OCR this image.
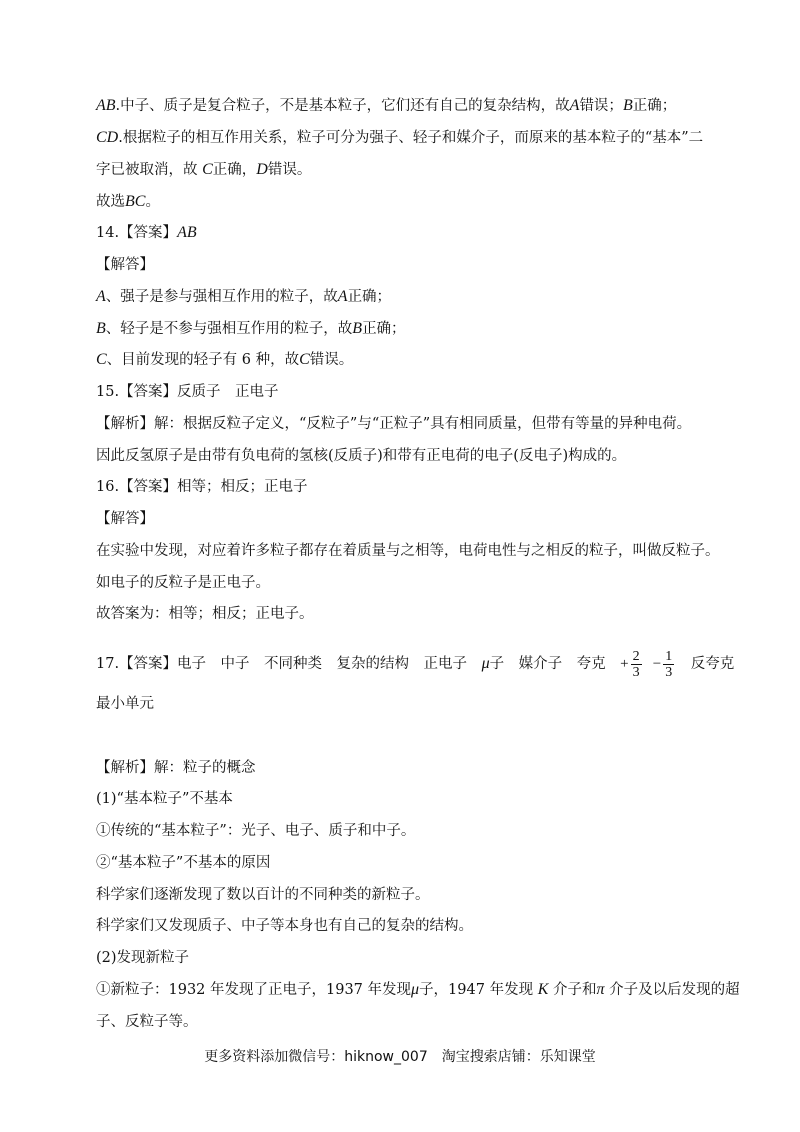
AB.中子、质子是复合粒子，不是基本粒子，它们还有自己的复杂结构，故A错误；B正确；
CD.根据粒子的相互作用关系，粒子可分为强子、轻子和媒介子，而原来的基本粒子的“基本”二
字已被取消，故 C正确，D错误。
故选BC。
14.【答案】AB
【解答】
A、强子是参与强相互作用的粒子，故A正确；
B、轻子是不参与强相互作用的粒子，故B正确；
C、目前发现的轻子有 6 种，故C错误。
15.【答案】反质子　正电子
【解析】解：根据反粒子定义，“反粒子”与“正粒子”具有相同质量，但带有等量的异种电荷。
因此反氢原子是由带有负电荷的氢核(反质子)和带有正电荷的电子(反电子)构成的。
16.【答案】相等；相反；正电子
【解答】
在实验中发现，对应着许多粒子都存在着质量与之相等，电荷电性与之相反的粒子，叫做反粒子。
如电子的反粒子是正电子。
故答案为：相等；相反；正电子。
17.【答案】电子　中子　不同种类　复杂的结构　正电子　μ子　媒介子　夸克　+ $\frac{2}{3} - \frac{1}{3}$ 　反夸克
最小单元
【解析】解：粒子的概念
(1)“基本粒子”不基本
①传统的“基本粒子”：光子、电子、质子和中子。
②“基本粒子”不基本的原因
科学家们逐渐发现了数以百计的不同种类的新粒子。
科学家们又发现质子、中子等本身也有自己的复杂的结构。
(2)发现新粒子
①新粒子：1932 年发现了正电子，1937 年发现μ子，1947 年发现 K 介子和π 介子及以后发现的超
子、反粒子等。
更多资料添加微信号：hiknow_007　淘宝搜索店铺：乐知课堂
